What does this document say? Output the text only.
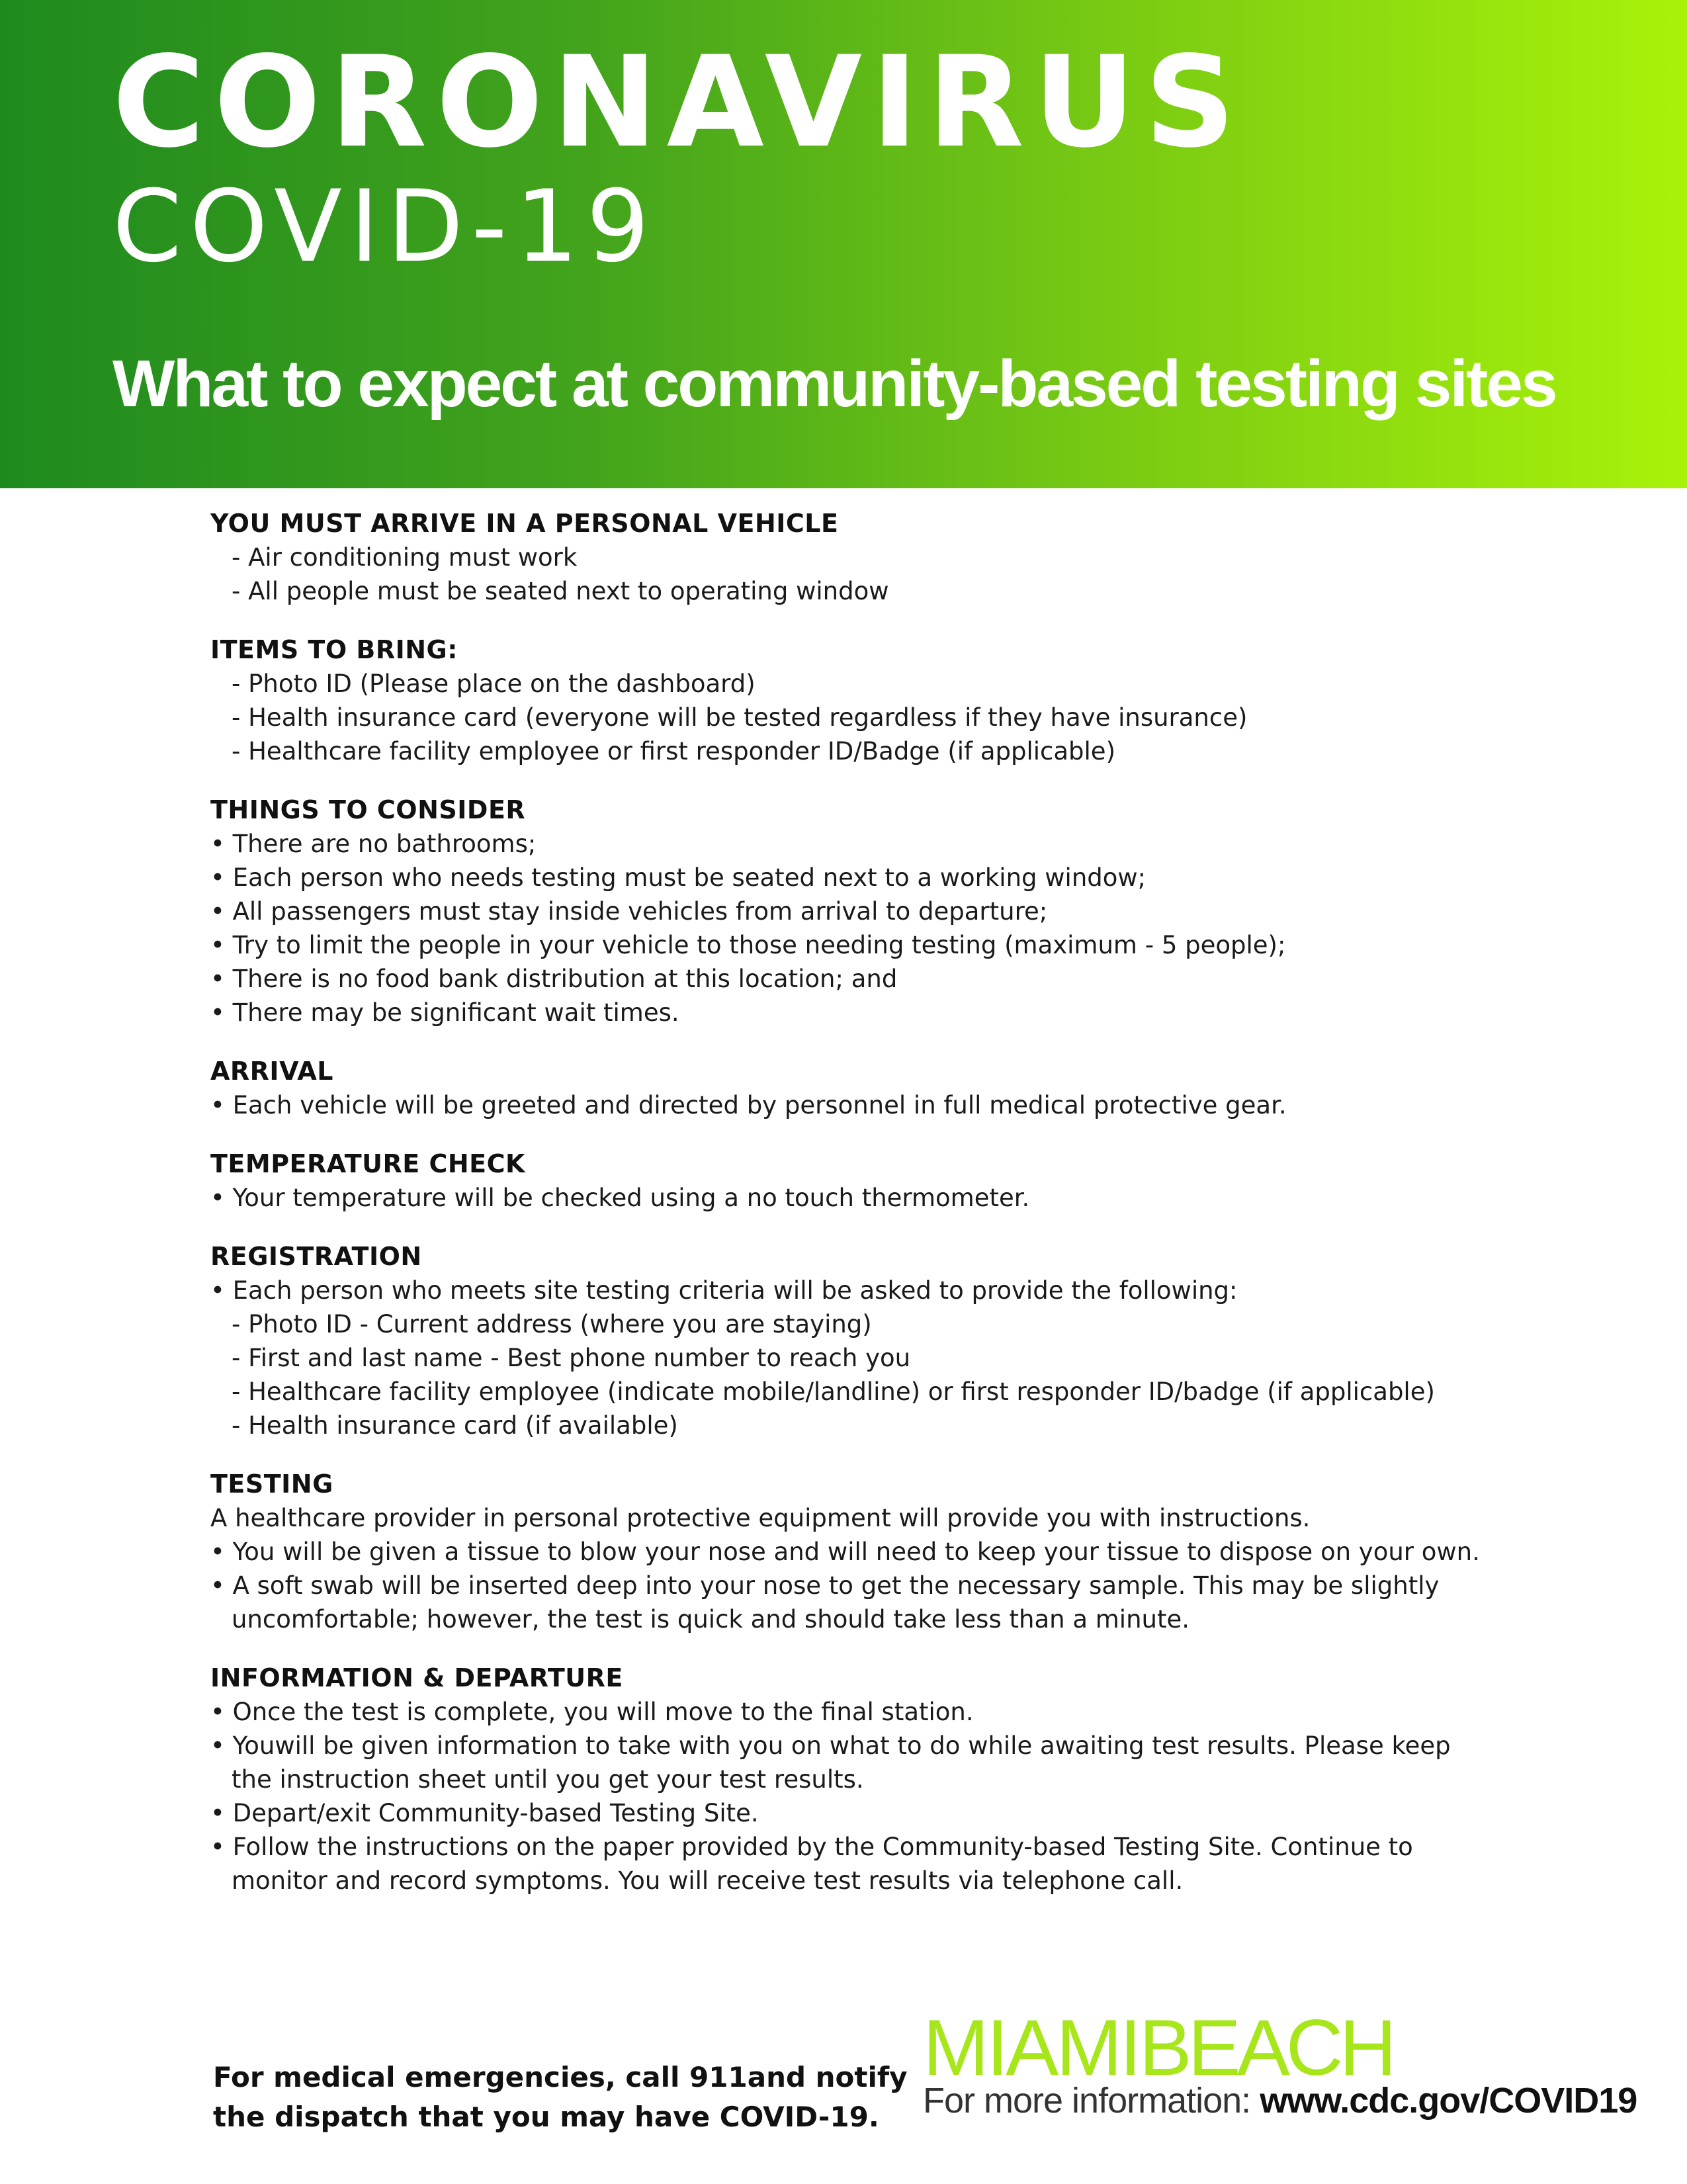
CORONAVIRUS
COVID-19
What to expect at community-based testing sites
YOU MUST ARRIVE IN A PERSONAL VEHICLE
- Air conditioning must work
- All people must be seated next to operating window
ITEMS TO BRING:
- Photo ID (Please place on the dashboard)
- Health insurance card (everyone will be tested regardless if they have insurance)
- Healthcare facility employee or first responder ID/Badge (if applicable)
THINGS TO CONSIDER
• There are no bathrooms;
• Each person who needs testing must be seated next to a working window;
• All passengers must stay inside vehicles from arrival to departure;
• Try to limit the people in your vehicle to those needing testing (maximum - 5 people);
• There is no food bank distribution at this location; and
• There may be significant wait times.
ARRIVAL
• Each vehicle will be greeted and directed by personnel in full medical protective gear.
TEMPERATURE CHECK
• Your temperature will be checked using a no touch thermometer.
REGISTRATION
• Each person who meets site testing criteria will be asked to provide the following:
- Photo ID - Current address (where you are staying)
- First and last name - Best phone number to reach you
- Healthcare facility employee (indicate mobile/landline) or first responder ID/badge (if applicable)
- Health insurance card (if available)
TESTING
A healthcare provider in personal protective equipment will provide you with instructions.
• You will be given a tissue to blow your nose and will need to keep your tissue to dispose on your own.
• A soft swab will be inserted deep into your nose to get the necessary sample. This may be slightly
uncomfortable; however, the test is quick and should take less than a minute.
INFORMATION & DEPARTURE
• Once the test is complete, you will move to the final station.
• Youwill be given information to take with you on what to do while awaiting test results. Please keep
the instruction sheet until you get your test results.
• Depart/exit Community-based Testing Site.
• Follow the instructions on the paper provided by the Community-based Testing Site. Continue to
monitor and record symptoms. You will receive test results via telephone call.
For medical emergencies, call 911and notify
the dispatch that you may have COVID-19.
MIAMIBEACH
For more information: www.cdc.gov/COVID19
